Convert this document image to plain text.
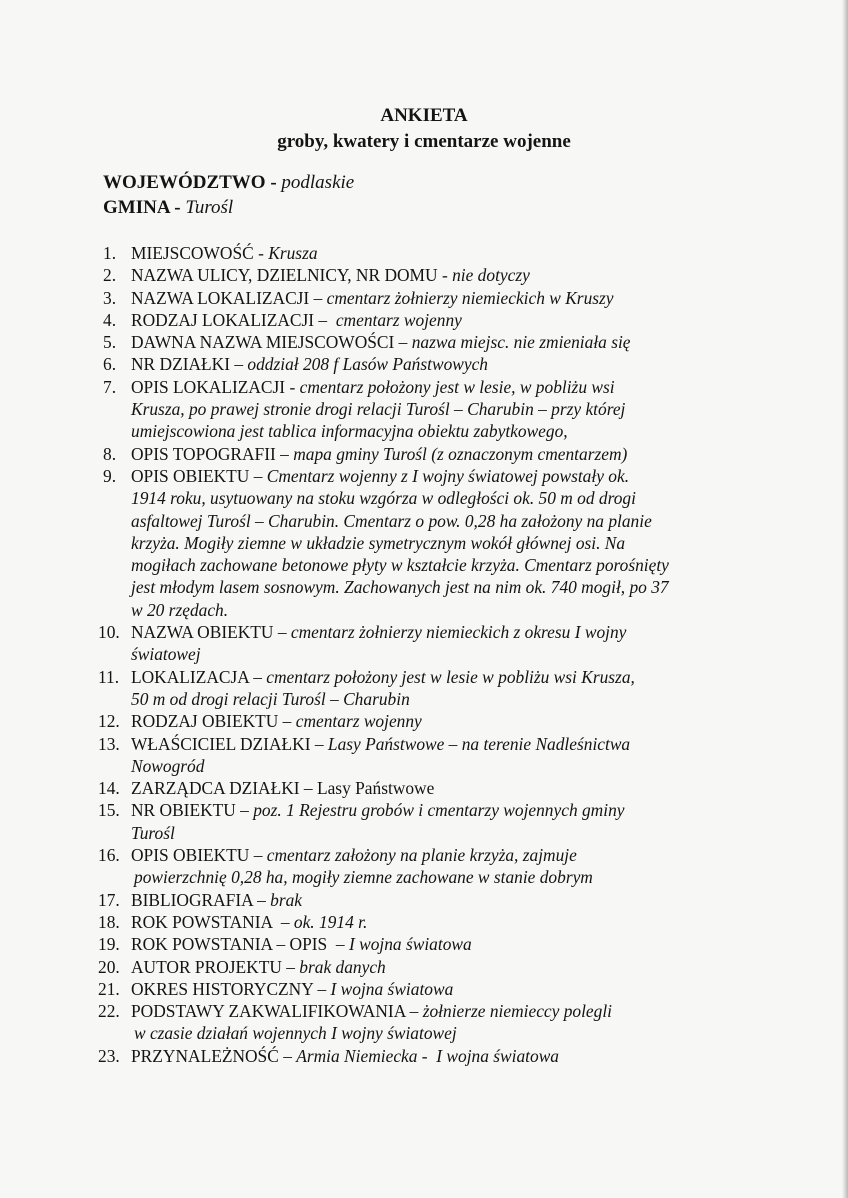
ANKIETA
groby, kwatery i cmentarze wojenne
WOJEWÓDZTWO - podlaskie
GMINA - Turośl
1. MIEJSCOWOŚĆ - Krusza
2. NAZWA ULICY, DZIELNICY, NR DOMU - nie dotyczy
3. NAZWA LOKALIZACJI – cmentarz żołnierzy niemieckich w Kruszy
4. RODZAJ LOKALIZACJI –  cmentarz wojenny
5. DAWNA NAZWA MIEJSCOWOŚCI – nazwa miejsc. nie zmieniała się
6. NR DZIAŁKI – oddział 208 f Lasów Państwowych
7. OPIS LOKALIZACJI - cmentarz położony jest w lesie, w pobliżu wsi
Krusza, po prawej stronie drogi relacji Turośl – Charubin – przy której
umiejscowiona jest tablica informacyjna obiektu zabytkowego,
8. OPIS TOPOGRAFII – mapa gminy Turośl (z oznaczonym cmentarzem)
9. OPIS OBIEKTU – Cmentarz wojenny z I wojny światowej powstały ok.
1914 roku, usytuowany na stoku wzgórza w odległości ok. 50 m od drogi
asfaltowej Turośl – Charubin. Cmentarz o pow. 0,28 ha założony na planie
krzyża. Mogiły ziemne w układzie symetrycznym wokół głównej osi. Na
mogiłach zachowane betonowe płyty w kształcie krzyża. Cmentarz porośnięty
jest młodym lasem sosnowym. Zachowanych jest na nim ok. 740 mogił, po 37
w 20 rzędach.
10. NAZWA OBIEKTU – cmentarz żołnierzy niemieckich z okresu I wojny
światowej
11. LOKALIZACJA – cmentarz położony jest w lesie w pobliżu wsi Krusza,
50 m od drogi relacji Turośl – Charubin
12. RODZAJ OBIEKTU – cmentarz wojenny
13. WŁAŚCICIEL DZIAŁKI – Lasy Państwowe – na terenie Nadleśnictwa
Nowogród
14. ZARZĄDCA DZIAŁKI – Lasy Państwowe
15. NR OBIEKTU – poz. 1 Rejestru grobów i cmentarzy wojennych gminy
Turośl
16. OPIS OBIEKTU – cmentarz założony na planie krzyża, zajmuje
powierzchnię 0,28 ha, mogiły ziemne zachowane w stanie dobrym
17. BIBLIOGRAFIA – brak
18. ROK POWSTANIA  – ok. 1914 r.
19. ROK POWSTANIA – OPIS  – I wojna światowa
20. AUTOR PROJEKTU – brak danych
21. OKRES HISTORYCZNY – I wojna światowa
22. PODSTAWY ZAKWALIFIKOWANIA – żołnierze niemieccy polegli
w czasie działań wojennych I wojny światowej
23. PRZYNALEŻNOŚĆ – Armia Niemiecka -  I wojna światowa
